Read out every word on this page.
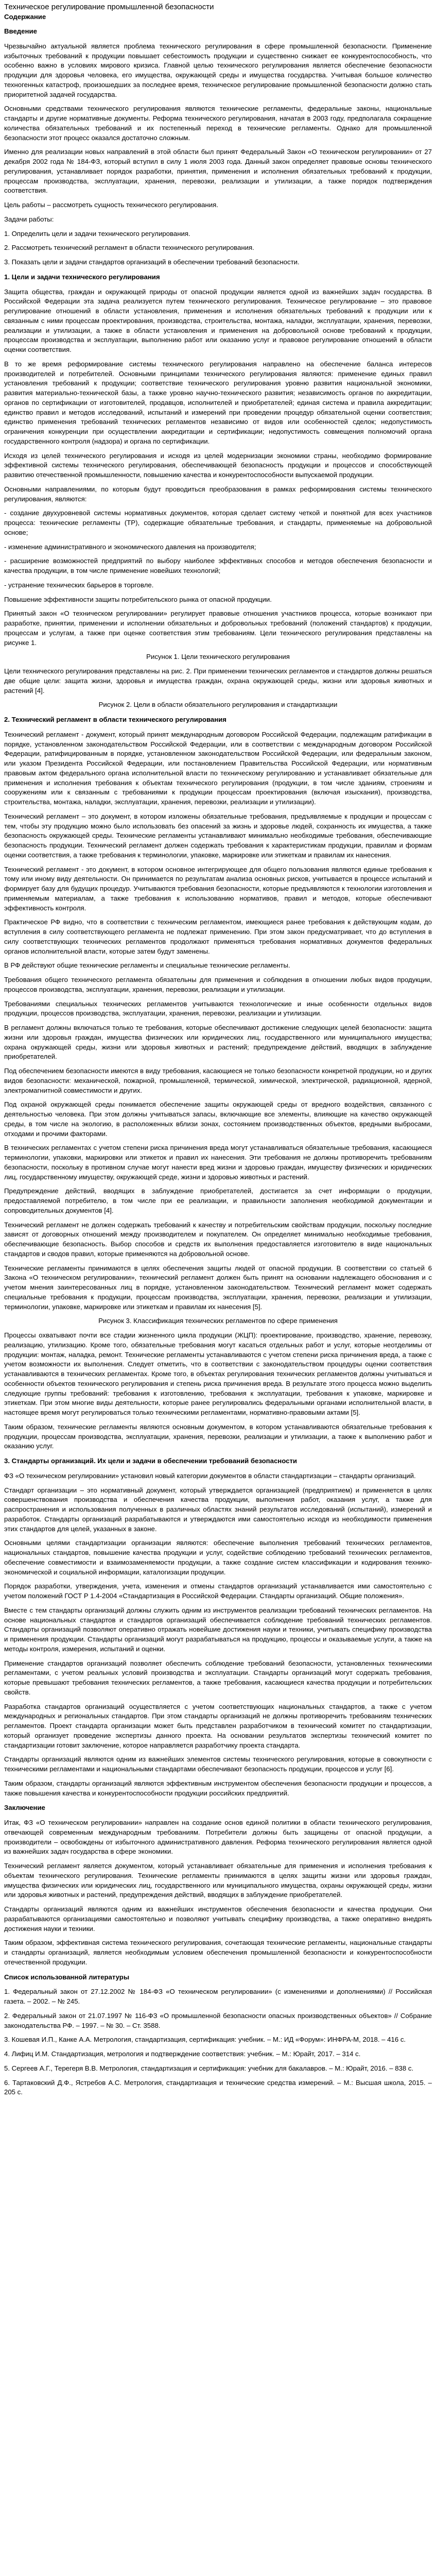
Техническое регулирование промышленной безопасности
Содержание
Введение
Чрезвычайно актуальной является проблема технического регулирования в сфере промышленной безопасности. Применение избыточных требований к продукции повышает себестоимость продукции и существенно снижает ее конкурентоспособность, что особенно важно в условиях мирового кризиса. Главной целью технического регулирования является обеспечение безопасности продукции для здоровья человека, его имущества, окружающей среды и имущества государства. Учитывая большое количество техногенных катастроф, произошедших за последнее время, техническое регулирование промышленной безопасности должно стать приоритетной задачей государства.
Основными средствами технического регулирования являются технические регламенты, федеральные законы, национальные стандарты и другие нормативные документы. Реформа технического регулирования, начатая в 2003 году, предполагала сокращение количества обязательных требований и их постепенный переход в технические регламенты. Однако для промышленной безопасности этот процесс оказался достаточно сложным.
Именно для реализации новых направлений в этой области был принят Федеральный Закон «О техническом регулировании» от 27 декабря 2002 года № 184-ФЗ, который вступил в силу 1 июля 2003 года. Данный закон определяет правовые основы технического регулирования, устанавливает порядок разработки, принятия, применения и исполнения обязательных требований к продукции, процессам производства, эксплуатации, хранения, перевозки, реализации и утилизации, а также порядок подтверждения соответствия.
Цель работы – рассмотреть сущность технического регулирования.
Задачи работы:
1. Определить цели и задачи технического регулирования.
2. Рассмотреть технический регламент в области технического регулирования.
3. Показать цели и задачи стандартов организаций в обеспечении требований безопасности.
1. Цели и задачи технического регулирования
Защита общества, граждан и окружающей природы от опасной продукции является одной из важнейших задач государства. В Российской Федерации эта задача реализуется путем технического регулирования. Техническое регулирование – это правовое регулирование отношений в области установления, применения и исполнения обязательных требований к продукции или к связанным с ними процессам проектирования, производства, строительства, монтажа, наладки, эксплуатации, хранения, перевозки, реализации и утилизации, а также в области установления и применения на добровольной основе требований к продукции, процессам производства и эксплуатации, выполнению работ или оказанию услуг и правовое регулирование отношений в области оценки соответствия.
В то же время реформирование системы технического регулирования направлено на обеспечение баланса интересов производителей и потребителей. Основными принципами технического регулирования являются: применение единых правил установления требований к продукции; соответствие технического регулирования уровню развития национальной экономики, развития материально-технической базы, а также уровню научно-технического развития; независимость органов по аккредитации, органов по сертификации от изготовителей, продавцов, исполнителей и приобретателей; единая система и правила аккредитации; единство правил и методов исследований, испытаний и измерений при проведении процедур обязательной оценки соответствия; единство применения требований технических регламентов независимо от видов или особенностей сделок; недопустимость ограничения конкуренции при осуществлении аккредитации и сертификации; недопустимость совмещения полномочий органа государственного контроля (надзора) и органа по сертификации.
Исходя из целей технического регулирования и исходя из целей модернизации экономики страны, необходимо формирование эффективной системы технического регулирования, обеспечивающей безопасность продукции и процессов и способствующей развитию отечественной промышленности, повышению качества и конкурентоспособности выпускаемой продукции.
Основными направлениями, по которым будут проводиться преобразования в рамках реформирования системы технического регулирования, являются:
- создание двухуровневой системы нормативных документов, которая сделает систему четкой и понятной для всех участников процесса: технические регламенты (ТР), содержащие обязательные требования, и стандарты, применяемые на добровольной основе;
- изменение административного и экономического давления на производителя;
- расширение возможностей предприятий по выбору наиболее эффективных способов и методов обеспечения безопасности и качества продукции, в том числе применение новейших технологий;
- устранение технических барьеров в торговле.
Повышение эффективности защиты потребительского рынка от опасной продукции.
Принятый закон «О техническом регулировании» регулирует правовые отношения участников процесса, которые возникают при разработке, принятии, применении и исполнении обязательных и добровольных требований (положений стандартов) к продукции, процессам и услугам, а также при оценке соответствия этим требованиям. Цели технического регулирования представлены на рисунке 1.
Рисунок 1. Цели технического регулирования
Цели технического регулирования представлены на рис. 2. При применении технических регламентов и стандартов должны решаться две общие цели: защита жизни, здоровья и имущества граждан, охрана окружающей среды, жизни или здоровья животных и растений [4].
Рисунок 2. Цели в области обязательного регулирования и стандартизации
2. Технический регламент в области технического регулирования
Технический регламент - документ, который принят международным договором Российской Федерации, подлежащим ратификации в порядке, установленном законодательством Российской Федерации, или в соответствии с международным договором Российской Федерации, ратифицированным в порядке, установленном законодательством Российской Федерации, или федеральным законом, или указом Президента Российской Федерации, или постановлением Правительства Российской Федерации, или нормативным правовым актом федерального органа исполнительной власти по техническому регулированию и устанавливает обязательные для применения и исполнения требования к объектам технического регулирования (продукции, в том числе зданиям, строениям и сооружениям или к связанным с требованиями к продукции процессам проектирования (включая изыскания), производства, строительства, монтажа, наладки, эксплуатации, хранения, перевозки, реализации и утилизации).
Технический регламент – это документ, в котором изложены обязательные требования, предъявляемые к продукции и процессам с тем, чтобы эту продукцию можно было использовать без опасений за жизнь и здоровье людей, сохранность их имущества, а также безопасность окружающей среды. Технические регламенты устанавливают минимально необходимые требования, обеспечивающие безопасность продукции. Технический регламент должен содержать требования к характеристикам продукции, правилам и формам оценки соответствия, а также требования к терминологии, упаковке, маркировке или этикеткам и правилам их нанесения.
Технический регламент - это документ, в котором основное интегрирующее для общего пользования являются единые требования к тому или иному виду деятельности. Он принимается по результатам анализа основных рисков, учитывается в процессе испытаний и формирует базу для будущих процедур. Учитываются требования безопасности, которые предъявляются к технологии изготовления и применяемым материалам, а также требования к использованию нормативов, правил и методов, которые обеспечивают эффективность контроля.
Практическое РФ видно, что в соответствии с техническим регламентом, имеющиеся ранее требования к действующим кодам, до вступления в силу соответствующего регламента не подлежат применению. При этом закон предусматривает, что до вступления в силу соответствующих технических регламентов продолжают применяться требования нормативных документов федеральных органов исполнительной власти, которые затем будут заменены.
В РФ действуют общие технические регламенты и специальные технические регламенты.
Требования общего технического регламента обязательны для применения и соблюдения в отношении любых видов продукции, процессов производства, эксплуатации, хранения, перевозки, реализации и утилизации.
Требованиями специальных технических регламентов учитываются технологические и иные особенности отдельных видов продукции, процессов производства, эксплуатации, хранения, перевозки, реализации и утилизации.
В регламент должны включаться только те требования, которые обеспечивают достижение следующих целей безопасности: защита жизни или здоровья граждан, имущества физических или юридических лиц, государственного или муниципального имущества; охрана окружающей среды, жизни или здоровья животных и растений; предупреждение действий, вводящих в заблуждение приобретателей.
Под обеспечением безопасности имеются в виду требования, касающиеся не только безопасности конкретной продукции, но и других видов безопасности: механической, пожарной, промышленной, термической, химической, электрической, радиационной, ядерной, электромагнитной совместимости и других.
Под охраной окружающей среды понимается обеспечение защиты окружающей среды от вредного воздействия, связанного с деятельностью человека. При этом должны учитываться запасы, включающие все элементы, влияющие на качество окружающей среды, в том числе на экологию, в расположенных вблизи зонах, состоянием производственных объектов, вредными выбросами, отходами и прочими факторами.
В технических регламентах с учетом степени риска причинения вреда могут устанавливаться обязательные требования, касающиеся терминологии, упаковки, маркировки или этикеток и правил их нанесения. Эти требования не должны противоречить требованиям безопасности, поскольку в противном случае могут нанести вред жизни и здоровью граждан, имуществу физических и юридических лиц, государственному имуществу, окружающей среде, жизни и здоровью животных и растений.
Предупреждение действий, вводящих в заблуждение приобретателей, достигается за счет информации о продукции, предоставляемой потребителю, в том числе при ее реализации, и правильности заполнения необходимой документации и сопроводительных документов [4].
Технический регламент не должен содержать требований к качеству и потребительским свойствам продукции, поскольку последние зависят от договорных отношений между производителем и покупателем. Он определяет минимально необходимые требования, обеспечивающие безопасность. Выбор способов и средств их выполнения предоставляется изготовителю в виде национальных стандартов и сводов правил, которые применяются на добровольной основе.
Технические регламенты принимаются в целях обеспечения защиты людей от опасной продукции. В соответствии со статьей 6 Закона «О техническом регулировании», технический регламент должен быть принят на основании надлежащего обоснования и с учетом мнения заинтересованных лиц в порядке, установленном законодательством. Технический регламент может содержать специальные требования к продукции, процессам производства, эксплуатации, хранения, перевозки, реализации и утилизации, терминологии, упаковке, маркировке или этикеткам и правилам их нанесения [5].
Рисунок 3. Классификация технических регламентов по сфере применения
Процессы охватывают почти все стадии жизненного цикла продукции (ЖЦП): проектирование, производство, хранение, перевозку, реализацию, утилизацию. Кроме того, обязательные требования могут касаться отдельных работ и услуг, которые неотделимы от продукции: монтаж, наладка, ремонт. Технические регламенты устанавливаются с учетом степени риска причинения вреда, а также с учетом возможности их выполнения. Следует отметить, что в соответствии с законодательством процедуры оценки соответствия устанавливаются в технических регламентах. Кроме того, в объектах регулирования технических регламентов должны учитываться и особенности объектов технического регулирования и степень риска причинения вреда. В результате этого процесса можно выделить следующие группы требований: требования к изготовлению, требования к эксплуатации, требования к упаковке, маркировке и этикеткам. При этом многие виды деятельности, которые ранее регулировались федеральными органами исполнительной власти, в настоящее время могут регулироваться только техническими регламентами, нормативно-правовыми актами [5].
Таким образом, технические регламенты являются основным документом, в котором устанавливаются обязательные требования к продукции, процессам производства, эксплуатации, хранения, перевозки, реализации и утилизации, а также к выполнению работ и оказанию услуг.
3. Стандарты организаций. Их цели и задачи в обеспечении требований безопасности
ФЗ «О техническом регулировании» установил новый категории документов в области стандартизации – стандарты организаций.
Стандарт организации – это нормативный документ, который утверждается организацией (предприятием) и применяется в целях совершенствования производства и обеспечения качества продукции, выполнения работ, оказания услуг, а также для распространения и использования полученных в различных областях знаний результатов исследований (испытаний), измерений и разработок. Стандарты организаций разрабатываются и утверждаются ими самостоятельно исходя из необходимости применения этих стандартов для целей, указанных в законе.
Основными целями стандартизации организации являются: обеспечение выполнения требований технических регламентов, национальных стандартов, повышение качества продукции и услуг, содействие соблюдению требований технических регламентов, обеспечение совместимости и взаимозаменяемости продукции, а также создание систем классификации и кодирования технико-экономической и социальной информации, каталогизации продукции.
Порядок разработки, утверждения, учета, изменения и отмены стандартов организаций устанавливается ими самостоятельно с учетом положений ГОСТ Р 1.4-2004 «Стандартизация в Российской Федерации. Стандарты организаций. Общие положения».
Вместе с тем стандарты организаций должны служить одним из инструментов реализации требований технических регламентов. На основе национальных стандартов и стандартов организаций обеспечивается соблюдение требований технических регламентов. Стандарты организаций позволяют оперативно отражать новейшие достижения науки и техники, учитывать специфику производства и применения продукции. Стандарты организаций могут разрабатываться на продукцию, процессы и оказываемые услуги, а также на методы контроля, измерения, испытаний и оценки.
Применение стандартов организаций позволяет обеспечить соблюдение требований безопасности, установленных техническими регламентами, с учетом реальных условий производства и эксплуатации. Стандарты организаций могут содержать требования, которые превышают требования технических регламентов, а также требования, касающиеся качества продукции и потребительских свойств.
Разработка стандартов организаций осуществляется с учетом соответствующих национальных стандартов, а также с учетом международных и региональных стандартов. При этом стандарты организаций не должны противоречить требованиям технических регламентов. Проект стандарта организации может быть представлен разработчиком в технический комитет по стандартизации, который организует проведение экспертизы данного проекта. На основании результатов экспертизы технический комитет по стандартизации готовит заключение, которое направляется разработчику проекта стандарта.
Стандарты организаций являются одним из важнейших элементов системы технического регулирования, которые в совокупности с техническими регламентами и национальными стандартами обеспечивают безопасность продукции, процессов и услуг [6].
Таким образом, стандарты организаций являются эффективным инструментом обеспечения безопасности продукции и процессов, а также повышения качества и конкурентоспособности продукции российских предприятий.
Заключение
Итак, ФЗ «О техническом регулировании» направлен на создание основ единой политики в области технического регулирования, отвечающей современным международным требованиям. Потребители должны быть защищены от опасной продукции, а производители – освобождены от избыточного административного давления. Реформа технического регулирования является одной из важнейших задач государства в сфере экономики.
Технический регламент является документом, который устанавливает обязательные для применения и исполнения требования к объектам технического регулирования. Технические регламенты принимаются в целях защиты жизни или здоровья граждан, имущества физических или юридических лиц, государственного или муниципального имущества, охраны окружающей среды, жизни или здоровья животных и растений, предупреждения действий, вводящих в заблуждение приобретателей.
Стандарты организаций являются одним из важнейших инструментов обеспечения безопасности и качества продукции. Они разрабатываются организациями самостоятельно и позволяют учитывать специфику производства, а также оперативно внедрять достижения науки и техники.
Таким образом, эффективная система технического регулирования, сочетающая технические регламенты, национальные стандарты и стандарты организаций, является необходимым условием обеспечения промышленной безопасности и конкурентоспособности отечественной продукции.
Список использованной литературы
1. Федеральный закон от 27.12.2002 № 184-ФЗ «О техническом регулировании» (с изменениями и дополнениями) // Российская газета. – 2002. – № 245.
2. Федеральный закон от 21.07.1997 № 116-ФЗ «О промышленной безопасности опасных производственных объектов» // Собрание законодательства РФ. – 1997. – № 30. – Ст. 3588.
3. Кошевая И.П., Канке А.А. Метрология, стандартизация, сертификация: учебник. – М.: ИД «Форум»: ИНФРА-М, 2018. – 416 с.
4. Лифиц И.М. Стандартизация, метрология и подтверждение соответствия: учебник. – М.: Юрайт, 2017. – 314 с.
5. Сергеев А.Г., Терегеря В.В. Метрология, стандартизация и сертификация: учебник для бакалавров. – М.: Юрайт, 2016. – 838 с.
6. Тартаковский Д.Ф., Ястребов А.С. Метрология, стандартизация и технические средства измерений. – М.: Высшая школа, 2015. – 205 с.
